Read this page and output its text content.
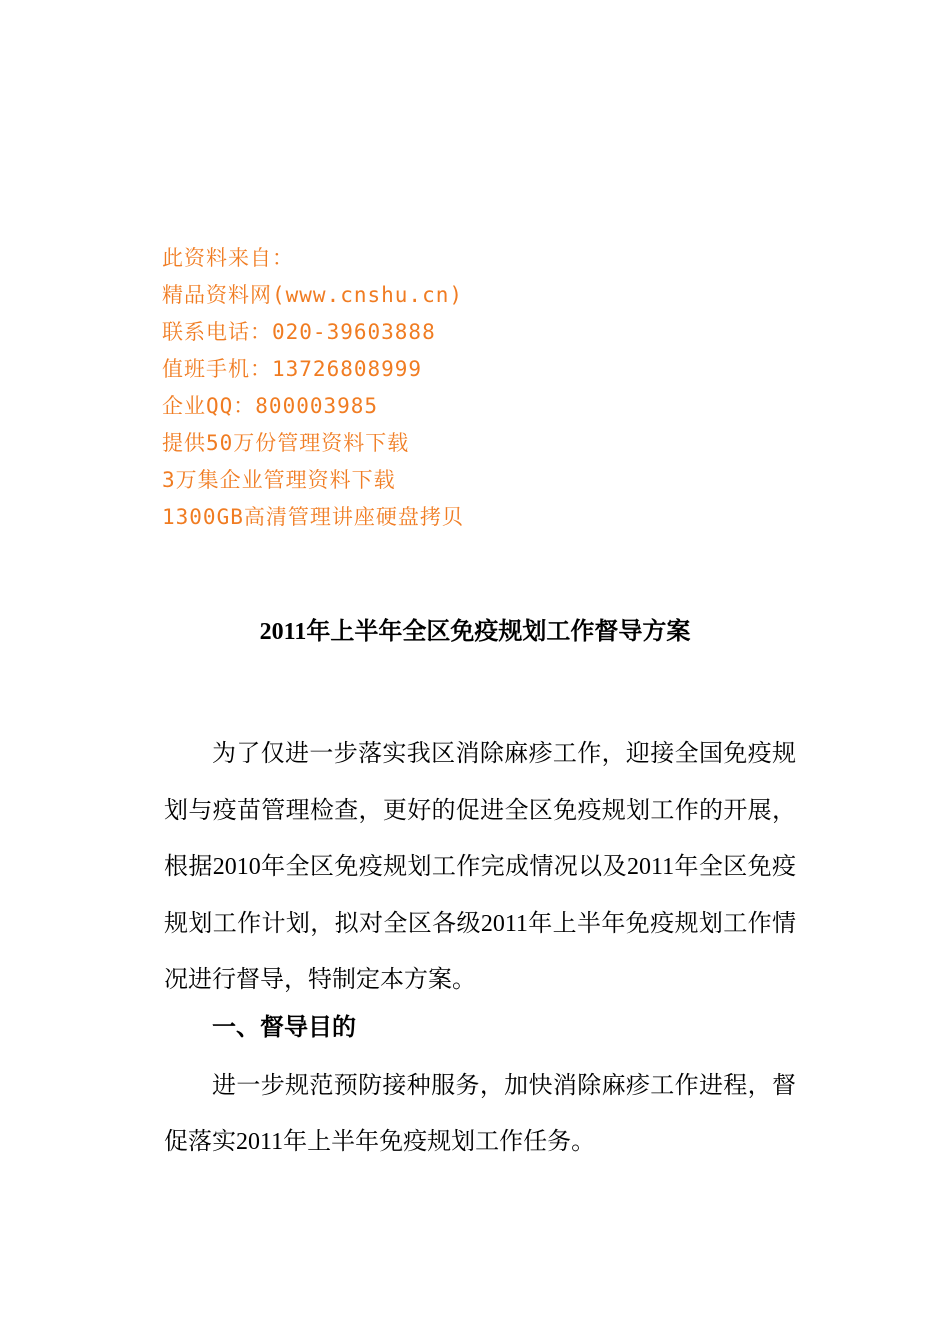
此资料来自：
精品资料网(www.cnshu.cn)
联系电话：020-39603888
值班手机：13726808999
企业QQ：800003985
提供50万份管理资料下载
3万集企业管理资料下载
1300GB高清管理讲座硬盘拷贝
2011年上半年全区免疫规划工作督导方案
为了仅进一步落实我区消除麻疹工作，迎接全国免疫规划与疫苗管理检查，更好的促进全区免疫规划工作的开展，根据2010年全区免疫规划工作完成情况以及2011年全区免疫规划工作计划，拟对全区各级2011年上半年免疫规划工作情况进行督导，特制定本方案。
一、督导目的
进一步规范预防接种服务，加快消除麻疹工作进程，督促落实2011年上半年免疫规划工作任务。
